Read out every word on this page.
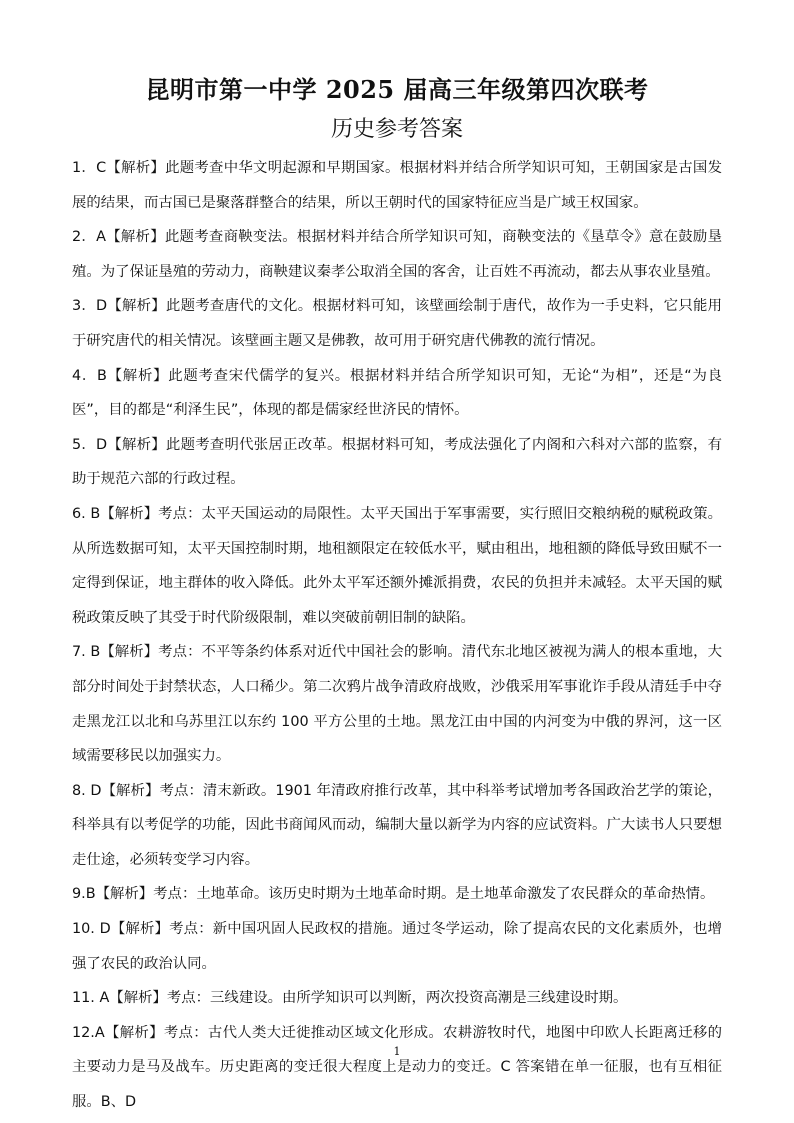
昆明市第一中学 2025 届高三年级第四次联考
历史参考答案

1．C【解析】此题考查中华文明起源和早期国家。根据材料并结合所学知识可知，王朝国家是古国发展的结果，而古国已是聚落群整合的结果，所以王朝时代的国家特征应当是广域王权国家。

2．A【解析】此题考查商鞅变法。根据材料并结合所学知识可知，商鞅变法的《垦草令》意在鼓励垦殖。为了保证垦殖的劳动力，商鞅建议秦孝公取消全国的客舍，让百姓不再流动，都去从事农业垦殖。

3．D【解析】此题考查唐代的文化。根据材料可知，该壁画绘制于唐代，故作为一手史料，它只能用于研究唐代的相关情况。该壁画主题又是佛教，故可用于研究唐代佛教的流行情况。

4．B【解析】此题考查宋代儒学的复兴。根据材料并结合所学知识可知，无论“为相”，还是“为良医”，目的都是“利泽生民”，体现的都是儒家经世济民的情怀。

5．D【解析】此题考查明代张居正改革。根据材料可知，考成法强化了内阁和六科对六部的监察，有助于规范六部的行政过程。

6. B【解析】考点：太平天国运动的局限性。太平天国出于军事需要，实行照旧交粮纳税的赋税政策。从所选数据可知，太平天国控制时期，地租额限定在较低水平，赋由租出，地租额的降低导致田赋不一定得到保证，地主群体的收入降低。此外太平军还额外摊派捐费，农民的负担并未减轻。太平天国的赋税政策反映了其受于时代阶级限制，难以突破前朝旧制的缺陷。

7. B【解析】考点：不平等条约体系对近代中国社会的影响。清代东北地区被视为满人的根本重地，大部分时间处于封禁状态，人口稀少。第二次鸦片战争清政府战败，沙俄采用军事讹诈手段从清廷手中夺走黑龙江以北和乌苏里江以东约 100 平方公里的土地。黑龙江由中国的内河变为中俄的界河，这一区域需要移民以加强实力。

8. D【解析】考点：清末新政。1901 年清政府推行改革，其中科举考试增加考各国政治艺学的策论，科举具有以考促学的功能，因此书商闻风而动，编制大量以新学为内容的应试资料。广大读书人只要想走仕途，必须转变学习内容。

9.B【解析】考点：土地革命。该历史时期为土地革命时期。是土地革命激发了农民群众的革命热情。

10. D【解析】考点：新中国巩固人民政权的措施。通过冬学运动，除了提高农民的文化素质外，也增强了农民的政治认同。

11. A【解析】考点：三线建设。由所学知识可以判断，两次投资高潮是三线建设时期。

12.A【解析】考点：古代人类大迁徙推动区域文化形成。农耕游牧时代，地图中印欧人长距离迁移的主要动力是马及战车。历史距离的变迁很大程度上是动力的变迁。C 答案错在单一征服，也有互相征服。B、D

1
